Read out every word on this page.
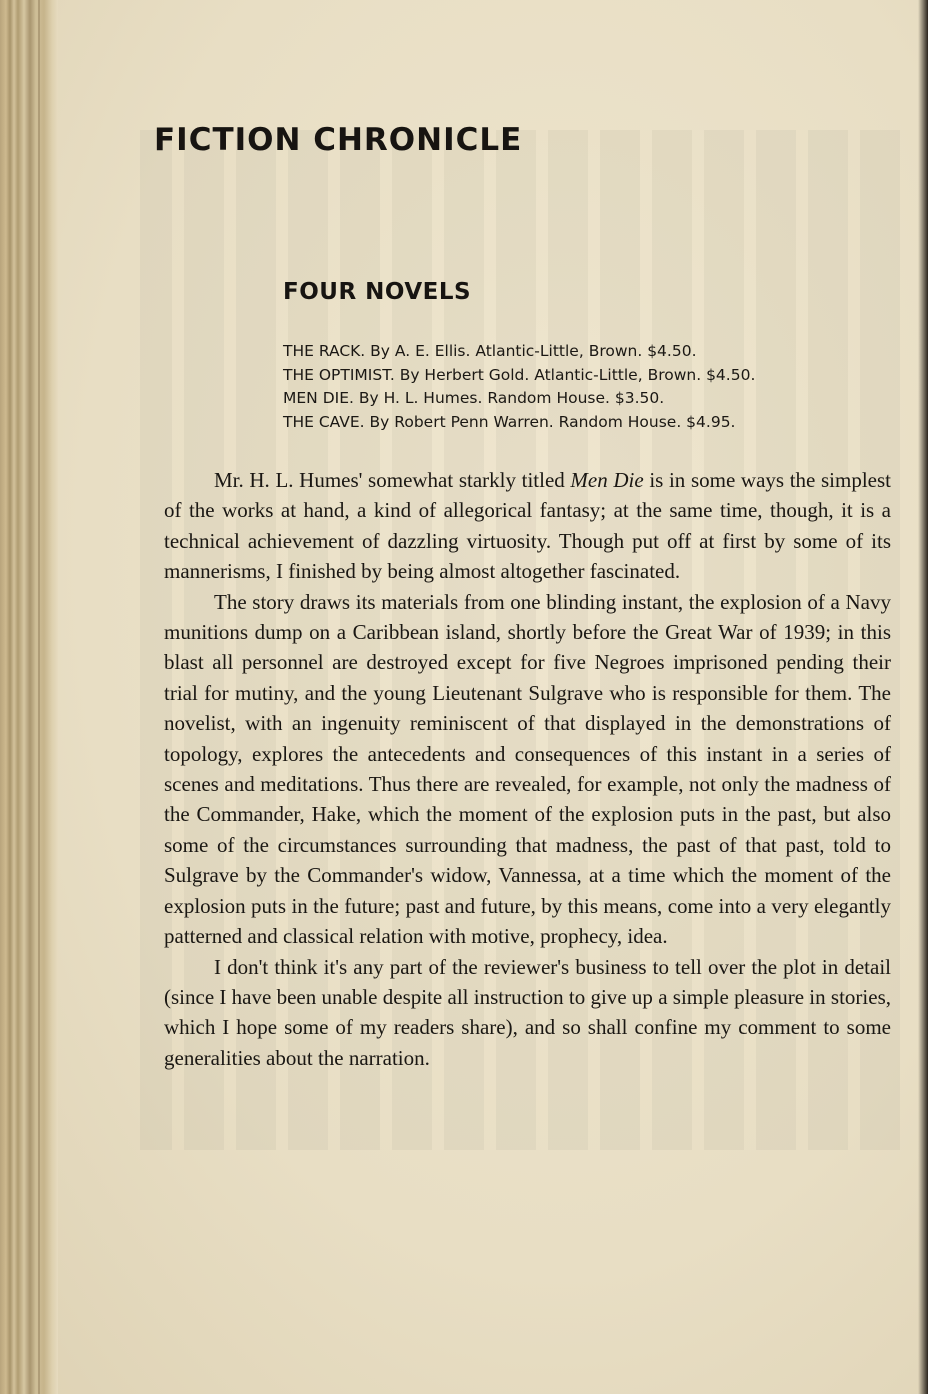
FICTION CHRONICLE
FOUR NOVELS
THE RACK. By A. E. Ellis. Atlantic-Little, Brown. $4.50.
THE OPTIMIST. By Herbert Gold. Atlantic-Little, Brown. $4.50.
MEN DIE. By H. L. Humes. Random House. $3.50.
THE CAVE. By Robert Penn Warren. Random House. $4.95.

Mr. H. L. Humes' somewhat starkly titled Men Die is in some ways the simplest of the works at hand, a kind of allegorical fantasy; at the same time, though, it is a technical achievement of dazzling virtuosity. Though put off at first by some of its mannerisms, I finished by being almost altogether fascinated.

The story draws its materials from one blinding instant, the explosion of a Navy munitions dump on a Caribbean island, shortly before the Great War of 1939; in this blast all personnel are destroyed except for five Negroes imprisoned pending their trial for mutiny, and the young Lieutenant Sulgrave who is responsible for them. The novelist, with an ingenuity reminiscent of that displayed in the demonstrations of topology, explores the antecedents and consequences of this instant in a series of scenes and meditations. Thus there are revealed, for example, not only the madness of the Commander, Hake, which the moment of the explosion puts in the past, but also some of the circumstances surrounding that madness, the past of that past, told to Sulgrave by the Commander's widow, Vannessa, at a time which the moment of the explosion puts in the future; past and future, by this means, come into a very elegantly patterned and classical relation with motive, prophecy, idea.

I don't think it's any part of the reviewer's business to tell over the plot in detail (since I have been unable despite all instruction to give up a simple pleasure in stories, which I hope some of my readers share), and so shall confine my comment to some generalities about the narration.
